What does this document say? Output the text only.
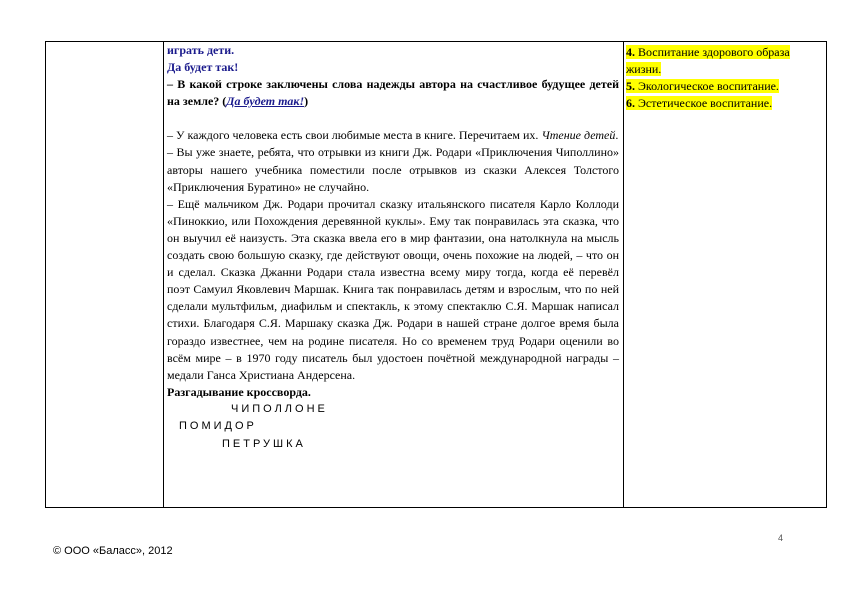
играть дети.

Да будет так!

– В какой строке заключены слова надежды автора на счастливое будущее детей на земле? (Да будет так!)

– У каждого человека есть свои любимые места в книге. Перечитаем их. Чтение детей.

– Вы уже знаете, ребята, что отрывки из книги Дж. Родари «Приключения Чиполлино» авторы нашего учебника поместили после отрывков из сказки Алексея Толстого «Приключения Буратино» не случайно.

– Ещё мальчиком Дж. Родари прочитал сказку итальянского писателя Карло Коллоди «Пиноккио, или Похождения деревянной куклы». Ему так понравилась эта сказка, что он выучил её наизусть. Эта сказка ввела его в мир фантазии, она натолкнула на мысль создать свою большую сказку, где действуют овощи, очень похожие на людей, – что он и сделал. Сказка Джанни Родари стала известна всему миру тогда, когда её перевёл поэт Самуил Яковлевич Маршак. Книга так понравилась детям и взрослым, что по ней сделали мультфильм, диафильм и спектакль, к этому спектаклю С.Я. Маршак написал стихи. Благодаря С.Я. Маршаку сказка Дж. Родари в нашей стране долгое время была гораздо известнее, чем на родине писателя. Но со временем труд Родари оценили во всём мире – в 1970 году писатель был удостоен почётной международной награды – медали Ганса Христиана Андерсена.

Разгадывание кроссворда.

ЧИПОЛЛОНЕ
ПОМИДОР
ПЕТРУШКА
4. Воспитание здорового образа жизни.
5. Экологическое воспитание.
6. Эстетическое воспитание.
4
© ООО «Баласс», 2012
